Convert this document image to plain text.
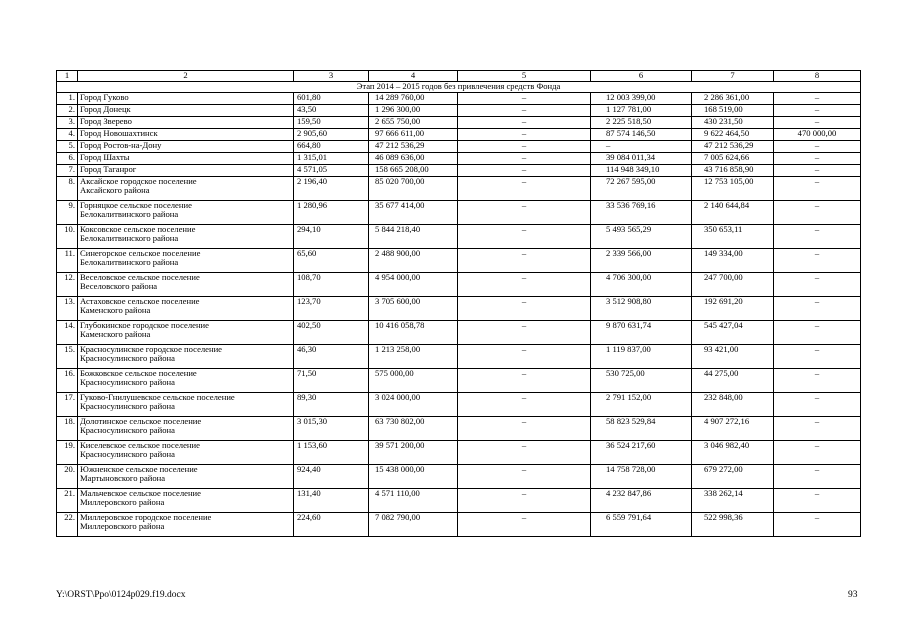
1	2	3	4	5	6	7	8
Этап 2014 – 2015 годов без привлечения средств Фонда							
1.	Город Гуково	601,80	14 289 760,00	–	12 003 399,00	2 286 361,00	–
2.	Город Донецк	43,50	1 296 300,00	–	1 127 781,00	168 519,00	–
3.	Город Зверево	159,50	2 655 750,00	–	2 225 518,50	430 231,50	–
4.	Город Новошахтинск	2 905,60	97 666 611,00	–	87 574 146,50	9 622 464,50	470 000,00
5.	Город Ростов-на-Дону	664,80	47 212 536,29	–	–	47 212 536,29	–
6.	Город Шахты	1 315,01	46 089 636,00	–	39 084 011,34	7 005 624,66	–
7.	Город Таганрог	4 571,05	158 665 208,00	–	114 948 349,10	43 716 858,90	–
8.	Аксайское городское поселение
Аксайского района	2 196,40	85 020 700,00	–	72 267 595,00	12 753 105,00	–
9.	Горняцкое сельское поселение
Белокалитвинского района	1 280,96	35 677 414,00	–	33 536 769,16	2 140 644,84	–
10.	Коксовское сельское поселение
Белокалитвинского района	294,10	5 844 218,40	–	5 493 565,29	350 653,11	–
11.	Синегорское сельское поселение
Белокалитвинского района	65,60	2 488 900,00	–	2 339 566,00	149 334,00	–
12.	Веселовское сельское поселение
Веселовского района	108,70	4 954 000,00	–	4 706 300,00	247 700,00	–
13.	Астаховское сельское поселение
Каменского района	123,70	3 705 600,00	–	3 512 908,80	192 691,20	–
14.	Глубокинское городское поселение
Каменского района	402,50	10 416 058,78	–	9 870 631,74	545 427,04	–
15.	Красносулинское городское поселение
Красносулинского района	46,30	1 213 258,00	–	1 119 837,00	93 421,00	–
16.	Божковское сельское поселение
Красносулинского района	71,50	575 000,00	–	530 725,00	44 275,00	–
17.	Гуково-Гнилушевское сельское поселение
Красносулинского района	89,30	3 024 000,00	–	2 791 152,00	232 848,00	–
18.	Долотинское сельское поселение
Красносулинского района	3 015,30	63 730 802,00	–	58 823 529,84	4 907 272,16	–
19.	Киселевское сельское поселение
Красносулинского района	1 153,60	39 571 200,00	–	36 524 217,60	3 046 982,40	–
20.	Южненское сельское поселение
Мартыновского района	924,40	15 438 000,00	–	14 758 728,00	679 272,00	–
21.	Мальчевское сельское поселение
Миллеровского района	131,40	4 571 110,00	–	4 232 847,86	338 262,14	–
22.	Миллеровское городское поселение
Миллеровского района	224,60	7 082 790,00	–	6 559 791,64	522 998,36	–
Y:\ORST\Ppo\0124p029.f19.docx	93
